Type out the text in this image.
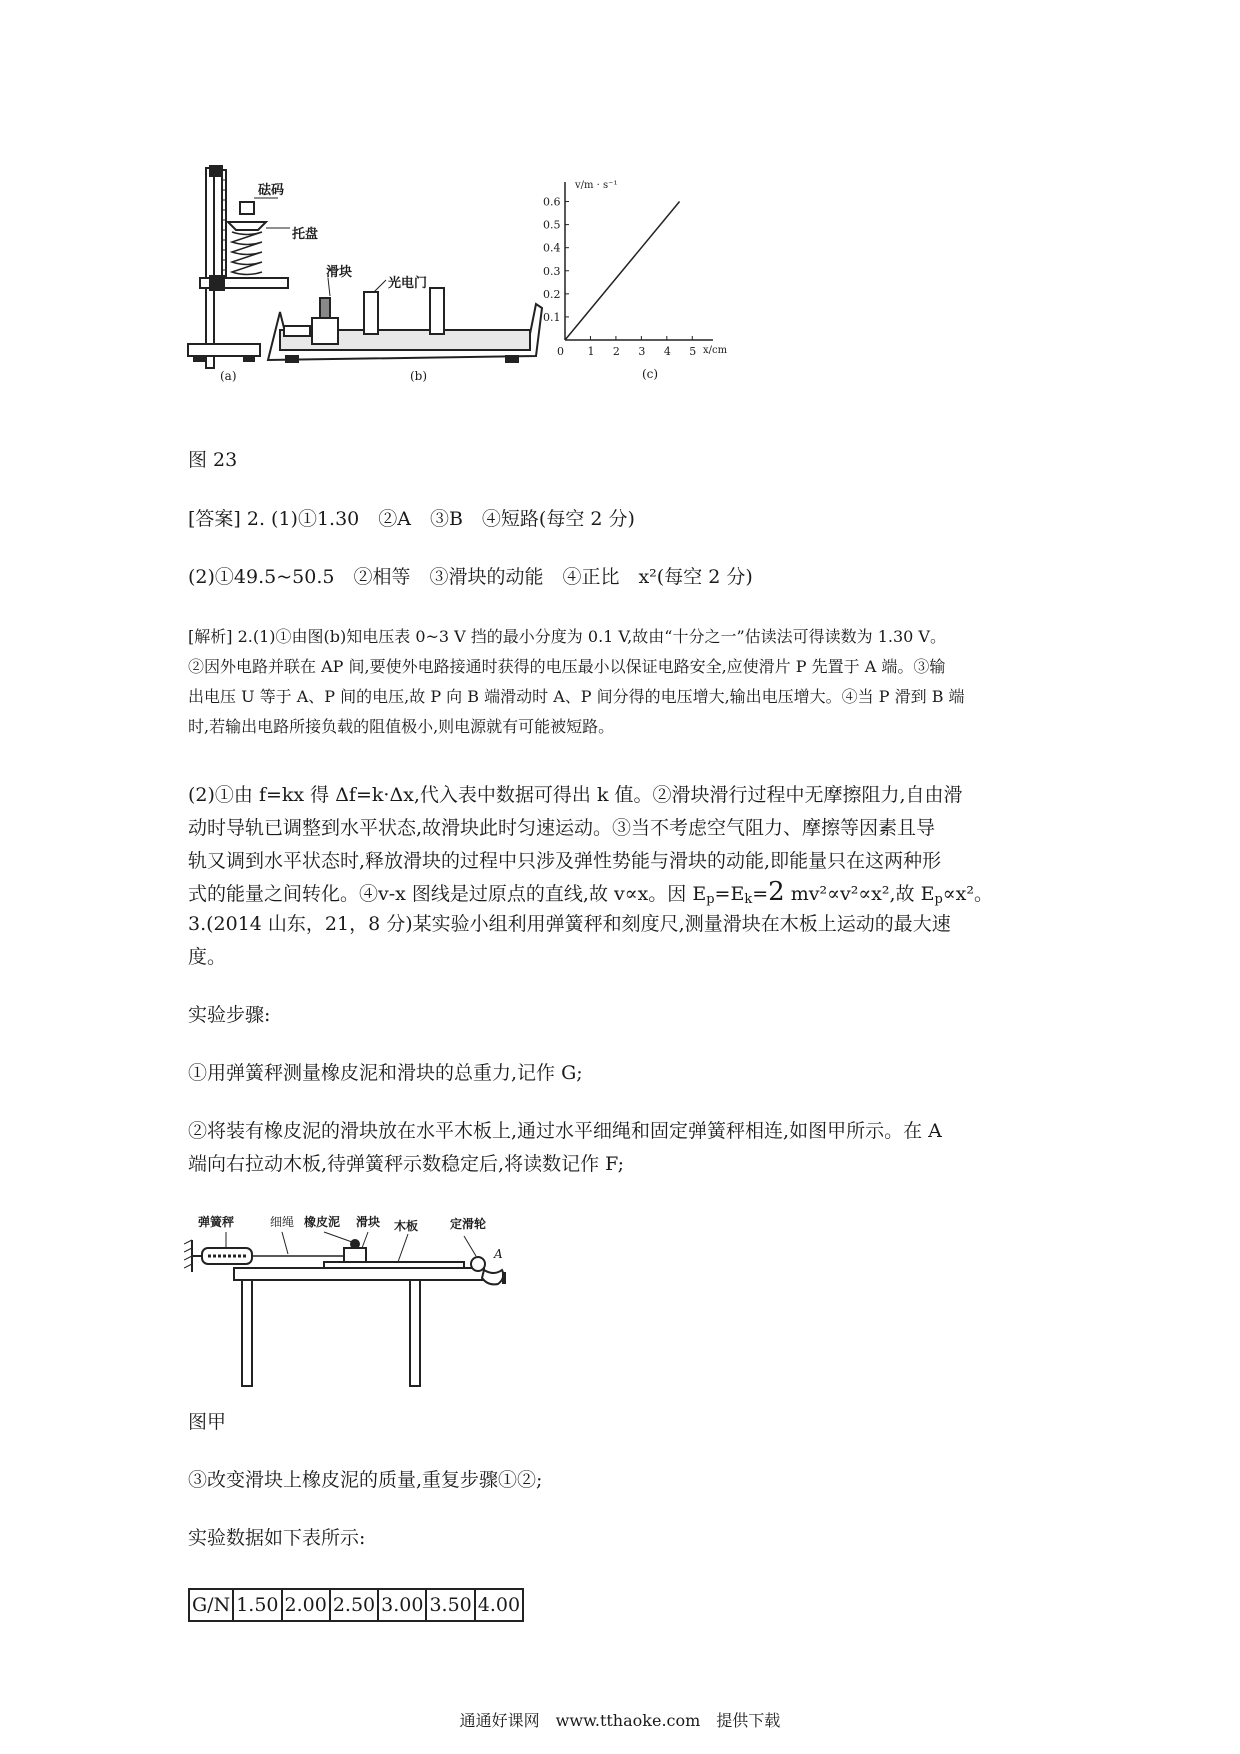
砝码
托盘
(a)
滑块
光电门
(b)
0.1
0.2
0.3
0.4
0.5
0.6
0 1 2 3 4 5
v/m · s⁻¹
x/cm
(c)
图 23

[答案] 2. (1)①1.30　②A　③B　④短路(每空 2 分)

(2)①49.5~50.5　②相等　③滑块的动能　④正比　x²(每空 2 分)

[解析] 2.(1)①由图(b)知电压表 0~3 V 挡的最小分度为 0.1 V,故由“十分之一”估读法可得读数为 1.30 V。

②因外电路并联在 AP 间,要使外电路接通时获得的电压最小以保证电路安全,应使滑片 P 先置于 A 端。③输

出电压 U 等于 A、P 间的电压,故 P 向 B 端滑动时 A、P 间分得的电压增大,输出电压增大。④当 P 滑到 B 端

时,若输出电路所接负载的阻值极小,则电源就有可能被短路。

(2)①由 f=kx 得 Δf=k·Δx,代入表中数据可得出 k 值。②滑块滑行过程中无摩擦阻力,自由滑

动时导轨已调整到水平状态,故滑块此时匀速运动。③当不考虑空气阻力、摩擦等因素且导

轨又调到水平状态时,释放滑块的过程中只涉及弹性势能与滑块的动能,即能量只在这两种形

式的能量之间转化。④v-x 图线是过原点的直线,故 v∝x。因 $E_p=E_k=2$ mv²∝v²∝x²,故 $E_p\propto x^2$。

3.(2014 山东，21，8 分)某实验小组利用弹簧秤和刻度尺,测量滑块在木板上运动的最大速

度。

实验步骤:

①用弹簧秤测量橡皮泥和滑块的总重力,记作 G;

②将装有橡皮泥的滑块放在水平木板上,通过水平细绳和固定弹簧秤相连,如图甲所示。在 A

端向右拉动木板,待弹簧秤示数稳定后,将读数记作 F;

弹簧秤	细绳 橡皮泥 滑块 木板	定滑轮
A
图甲

③改变滑块上橡皮泥的质量,重复步骤①②;

实验数据如下表所示:

G/N	1.50	2.00	2.50	3.00	3.50	4.00
通通好课网　www.tthaoke.com　提供下载
